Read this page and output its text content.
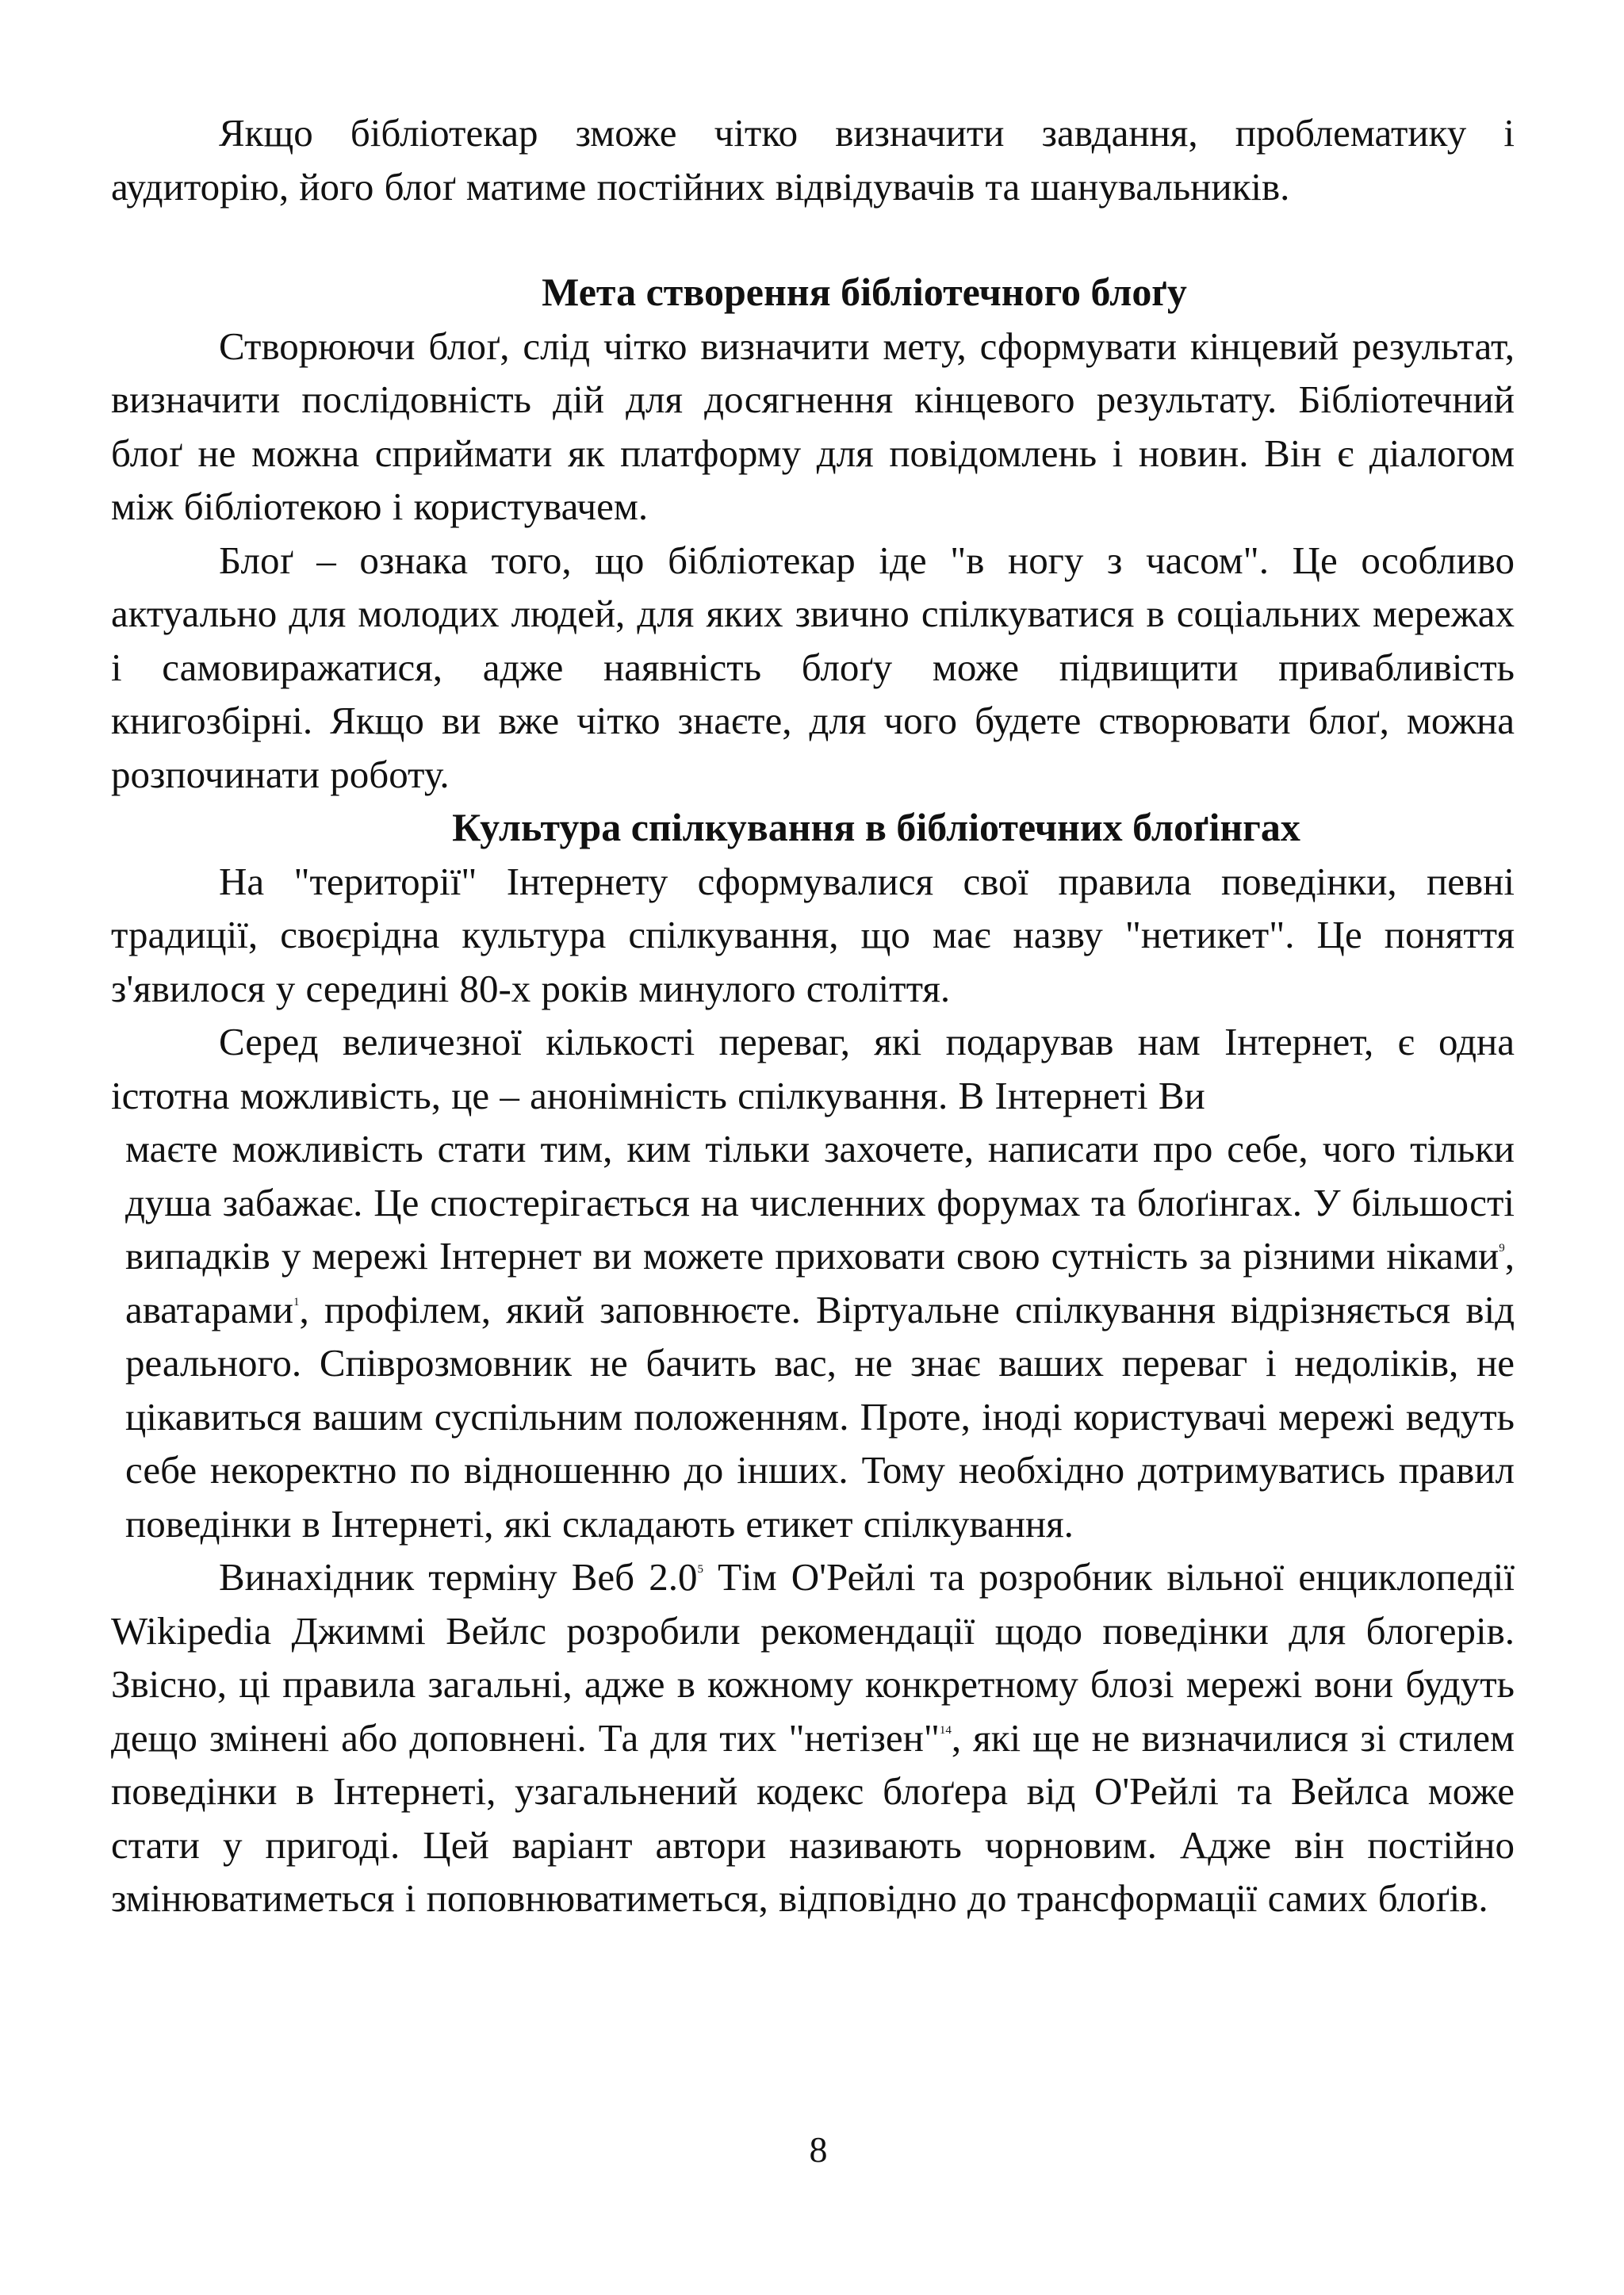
Якщо бібліотекар зможе чітко визначити завдання, проблематику і аудиторію, його блоґ матиме постійних відвідувачів та шанувальників.

Мета створення бібліотечного блоґу

Створюючи блоґ, слід чітко визначити мету, сформувати кінцевий результат, визначити послідовність дій для досягнення кінцевого результату. Бібліотечний блоґ не можна сприймати як платформу для повідомлень і новин. Він є діалогом між бібліотекою і користувачем.

Блоґ – ознака того, що бібліотекар іде "в ногу з часом". Це особливо актуально для молодих людей, для яких звично спілкуватися в соціальних мережах і самовиражатися, адже наявність блоґу може підвищити привабливість книгозбірні. Якщо ви вже чітко знаєте, для чого будете створювати блоґ, можна розпочинати роботу.

Культура спілкування в бібліотечних блоґінгах

На "території" Інтернету сформувалися свої правила поведінки, певні традиції, своєрідна культура спілкування, що має назву "нетикет". Це поняття з'явилося у середині 80-х років минулого століття.

Серед величезної кількості переваг, які подарував нам Інтернет, є одна істотна можливість, це – анонімність спілкування. В Інтернеті Ви
маєте можливість стати тим, ким тільки захочете, написати про себе, чого тільки душа забажає. Це спостерігається на численних форумах та блоґінгах. У більшості випадків у мережі Інтернет ви можете приховати свою сутність за різними ніками$^9$, аватарами$^1$, профілем, який заповнюєте. Віртуальне спілкування відрізняється від реального. Співрозмовник не бачить вас, не знає ваших переваг і недоліків, не цікавиться вашим суспільним положенням. Проте, іноді користувачі мережі ведуть себе некоректно по відношенню до інших. Тому необхідно дотримуватись правил поведінки в Інтернеті, які складають етикет спілкування.

Винахідник терміну Веб 2.0$^5$ Тім О'Рейлі та розробник вільної енциклопедії Wikipedia Джиммі Вейлс розробили рекомендації щодо поведінки для блогерів. Звісно, ці правила загальні, адже в кожному конкретному блозі мережі вони будуть дещо змінені або доповнені. Та для тих "нетізен"$^{14}$, які ще не визначилися зі стилем поведінки в Інтернеті, узагальнений кодекс блоґера від О'Рейлі та Вейлса може стати у пригоді. Цей варіант автори називають чорновим. Адже він постійно змінюватиметься і поповнюватиметься, відповідно до трансформації самих блоґів.

8
